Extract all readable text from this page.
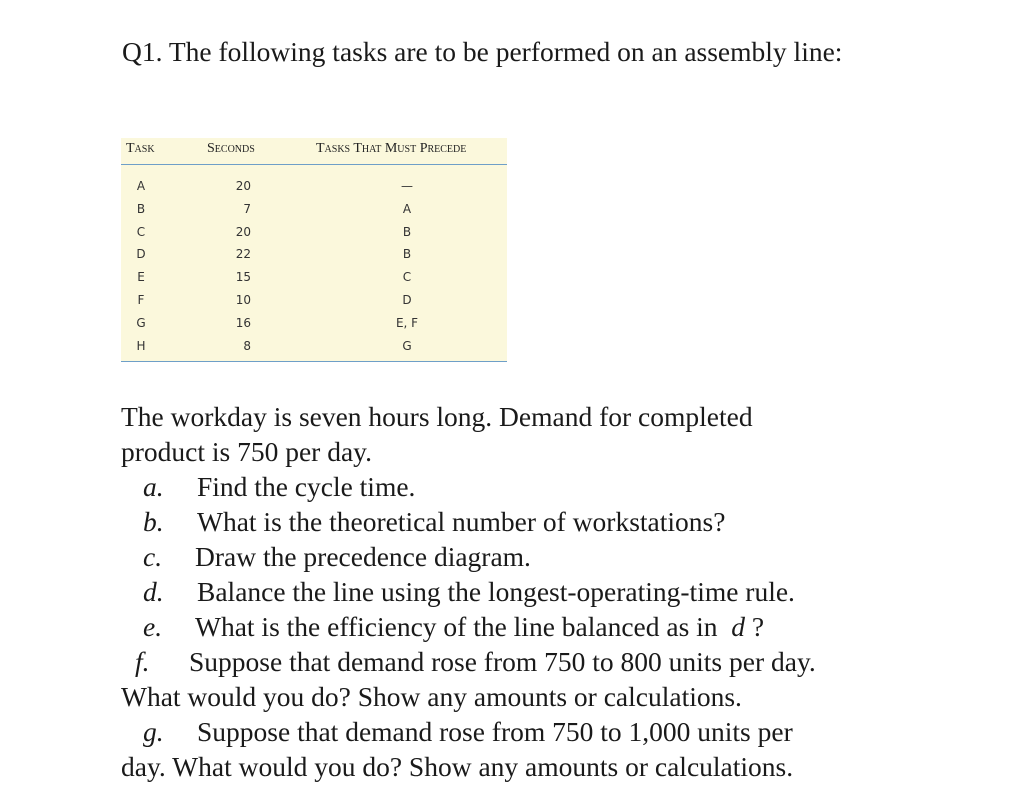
Q1. The following tasks are to be performed on an assembly line:

Task	Seconds	Tasks That Must Precede
A	20	—
B	7	A
C	20	B
D	22	B
E	15	C
F	10	D
G	16	E, F
H	8	G
The workday is seven hours long. Demand for completed
product is 750 per day.
a. Find the cycle time.
b. What is the theoretical number of workstations?
c. Draw the precedence diagram.
d. Balance the line using the longest-operating-time rule.
e. What is the efficiency of the line balanced as in d ?
f. Suppose that demand rose from 750 to 800 units per day.
What would you do? Show any amounts or calculations.
g. Suppose that demand rose from 750 to 1,000 units per
day. What would you do? Show any amounts or calculations.
